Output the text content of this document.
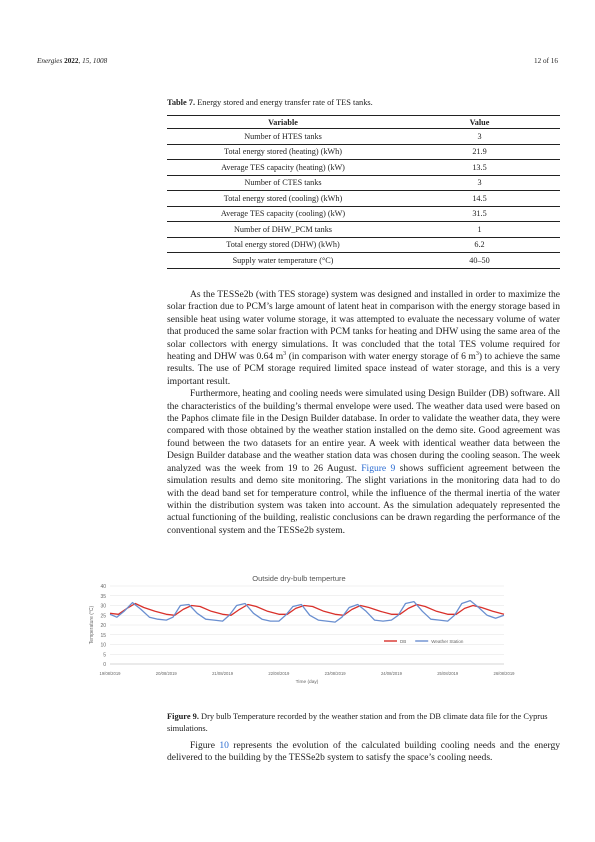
Energies 2022, 15, 1008	12 of 16
Table 7. Energy stored and energy transfer rate of TES tanks.
Variable	Value
Number of HTES tanks	3
Total energy stored (heating) (kWh)	21.9
Average TES capacity (heating) (kW)	13.5
Number of CTES tanks	3
Total energy stored (cooling) (kWh)	14.5
Average TES capacity (cooling) (kW)	31.5
Number of DHW_PCM tanks	1
Total energy stored (DHW) (kWh)	6.2
Supply water temperature (°C)	40–50

As the TESSe2b (with TES storage) system was designed and installed in order to maximize the solar fraction due to PCM’s large amount of latent heat in comparison with the energy storage based in sensible heat using water volume storage, it was attempted to evaluate the necessary volume of water that produced the same solar fraction with PCM tanks for heating and DHW using the same area of the solar collectors with energy simulations. It was concluded that the total TES volume required for heating and DHW was 0.64 $m^3$ (in comparison with water energy storage of 6 $m^3$) to achieve the same results. The use of PCM storage required limited space instead of water storage, and this is a very important result.

Furthermore, heating and cooling needs were simulated using Design Builder (DB) software. All the characteristics of the building’s thermal envelope were used. The weather data used were based on the Paphos climate file in the Design Builder database. In order to validate the weather data, they were compared with those obtained by the weather station installed on the demo site. Good agreement was found between the two datasets for an entire year. A week with identical weather data between the Design Builder database and the weather station data was chosen during the cooling season. The week analyzed was the week from 19 to 26 August. Figure 9 shows sufficient agreement between the simulation results and demo site monitoring. The slight variations in the monitoring data had to do with the dead band set for temperature control, while the influence of the thermal inertia of the water within the distribution system was taken into account. As the simulation adequately represented the actual functioning of the building, realistic conclusions can be drawn regarding the performance of the conventional system and the TESSe2b system.

0
5
10
15
20
25
30
35
40
19/08/2019	20/08/2019	21/08/2019	22/08/2019	23/08/2019	24/08/2019	25/08/2019	26/08/2019
Outside dry-bulb temperture
Time (day)
Temperature (°C)	DB	Weather Station
Figure 9. Dry bulb Temperature recorded by the weather station and from the DB climate data file for the Cyprus simulations.

Figure 10 represents the evolution of the calculated building cooling needs and the energy delivered to the building by the TESSe2b system to satisfy the space’s cooling needs.
